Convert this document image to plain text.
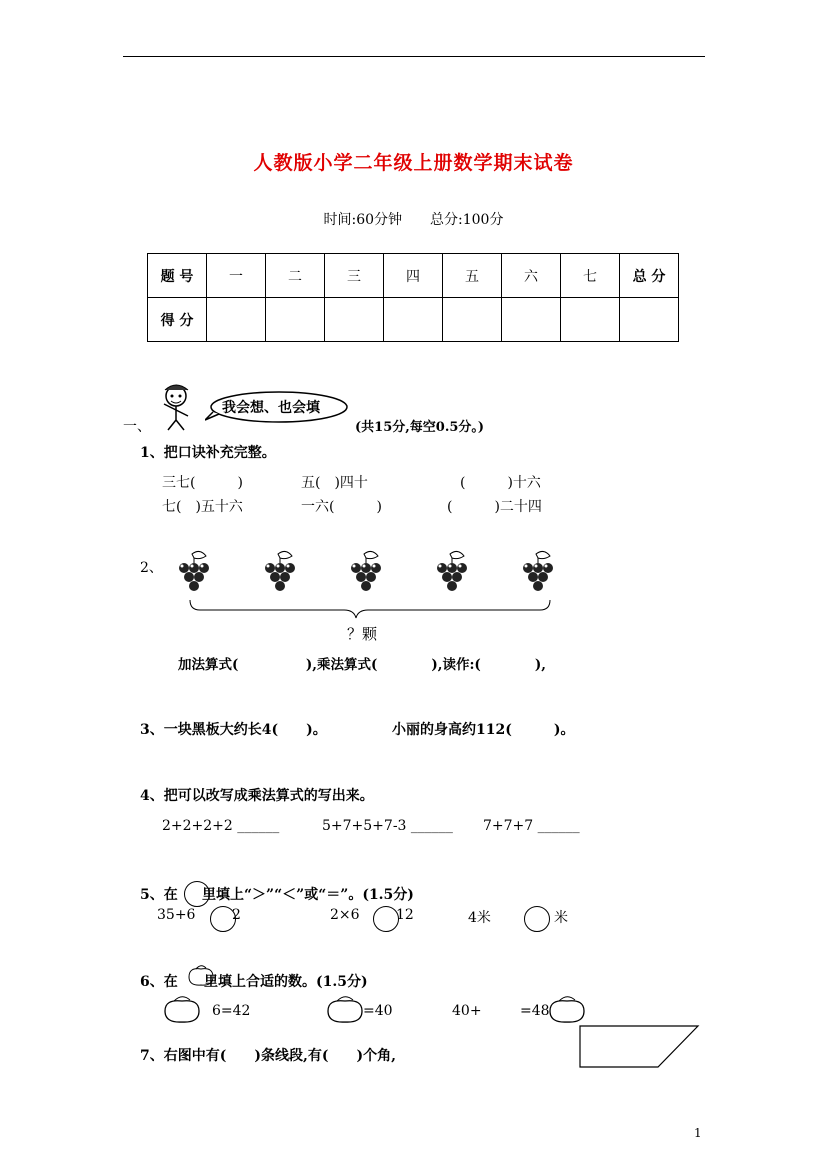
人教版小学二年级上册数学期末试卷
时间:60分钟　　总分:100分
题 号	一	二	三	四	五	六	七	总 分
得 分								
一、
我会想、也会填
(共15分,每空0.5分。)
1、把口诀补充完整。
三七(　　　)	五(　)四十	(　　　)十六
七(　)五十六	一六(　　　)	(　　　)二十四
2、
？颗
加法算式(　　　　　),乘法算式(　　　　),读作:(　　　　),
3、一块黑板大约长4(　　)。	小丽的身高约112(　　　)。
4、把可以改写成乘法算式的写出来。
2+2+2+2 ______	5+7+5+7-3 ______ 7+7+7 ______
5、在 里填上“＞”“＜”或“＝”。(1.5分)
35+6	2	2×6	12	4米	米
6、在 里填上合适的数。(1.5分)
6=42	=40	40+	=48
7、右图中有(　　)条线段,有(　　)个角,
1
